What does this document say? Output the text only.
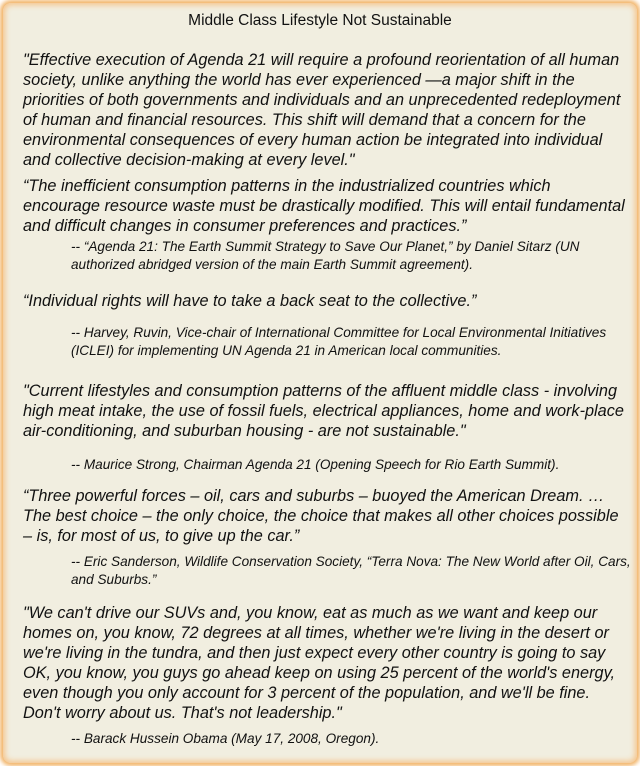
Middle Class Lifestyle Not Sustainable

"Effective execution of Agenda 21 will require a profound reorientation of all human society, unlike anything the world has ever experienced —a major shift in the priorities of both governments and individuals and an unprecedented redeployment of human and financial resources. This shift will demand that a concern for the environmental consequences of every human action be integrated into individual and collective decision-making at every level."

“The inefficient consumption patterns in the industrialized countries which encourage resource waste must be drastically modified. This will entail fundamental and difficult changes in consumer preferences and practices.”

-- “Agenda 21: The Earth Summit Strategy to Save Our Planet,” by Daniel Sitarz (UN authorized abridged version of the main Earth Summit agreement).

“Individual rights will have to take a back seat to the collective.”

-- Harvey, Ruvin, Vice-chair of International Committee for Local Environmental Initiatives (ICLEI) for implementing UN Agenda 21 in American local communities.

"Current lifestyles and consumption patterns of the affluent middle class - involving high meat intake, the use of fossil fuels, electrical appliances, home and work-place air-conditioning, and suburban housing - are not sustainable."

-- Maurice Strong, Chairman Agenda 21 (Opening Speech for Rio Earth Summit).

“Three powerful forces – oil, cars and suburbs – buoyed the American Dream. … The best choice – the only choice, the choice that makes all other choices possible – is, for most of us, to give up the car.”

-- Eric Sanderson, Wildlife Conservation Society, “Terra Nova: The New World after Oil, Cars, and Suburbs.”

"We can't drive our SUVs and, you know, eat as much as we want and keep our homes on, you know, 72 degrees at all times, whether we're living in the desert or we're living in the tundra, and then just expect every other country is going to say OK, you know, you guys go ahead keep on using 25 percent of the world's energy, even though you only account for 3 percent of the population, and we'll be fine. Don't worry about us. That's not leadership."

-- Barack Hussein Obama (May 17, 2008, Oregon).
